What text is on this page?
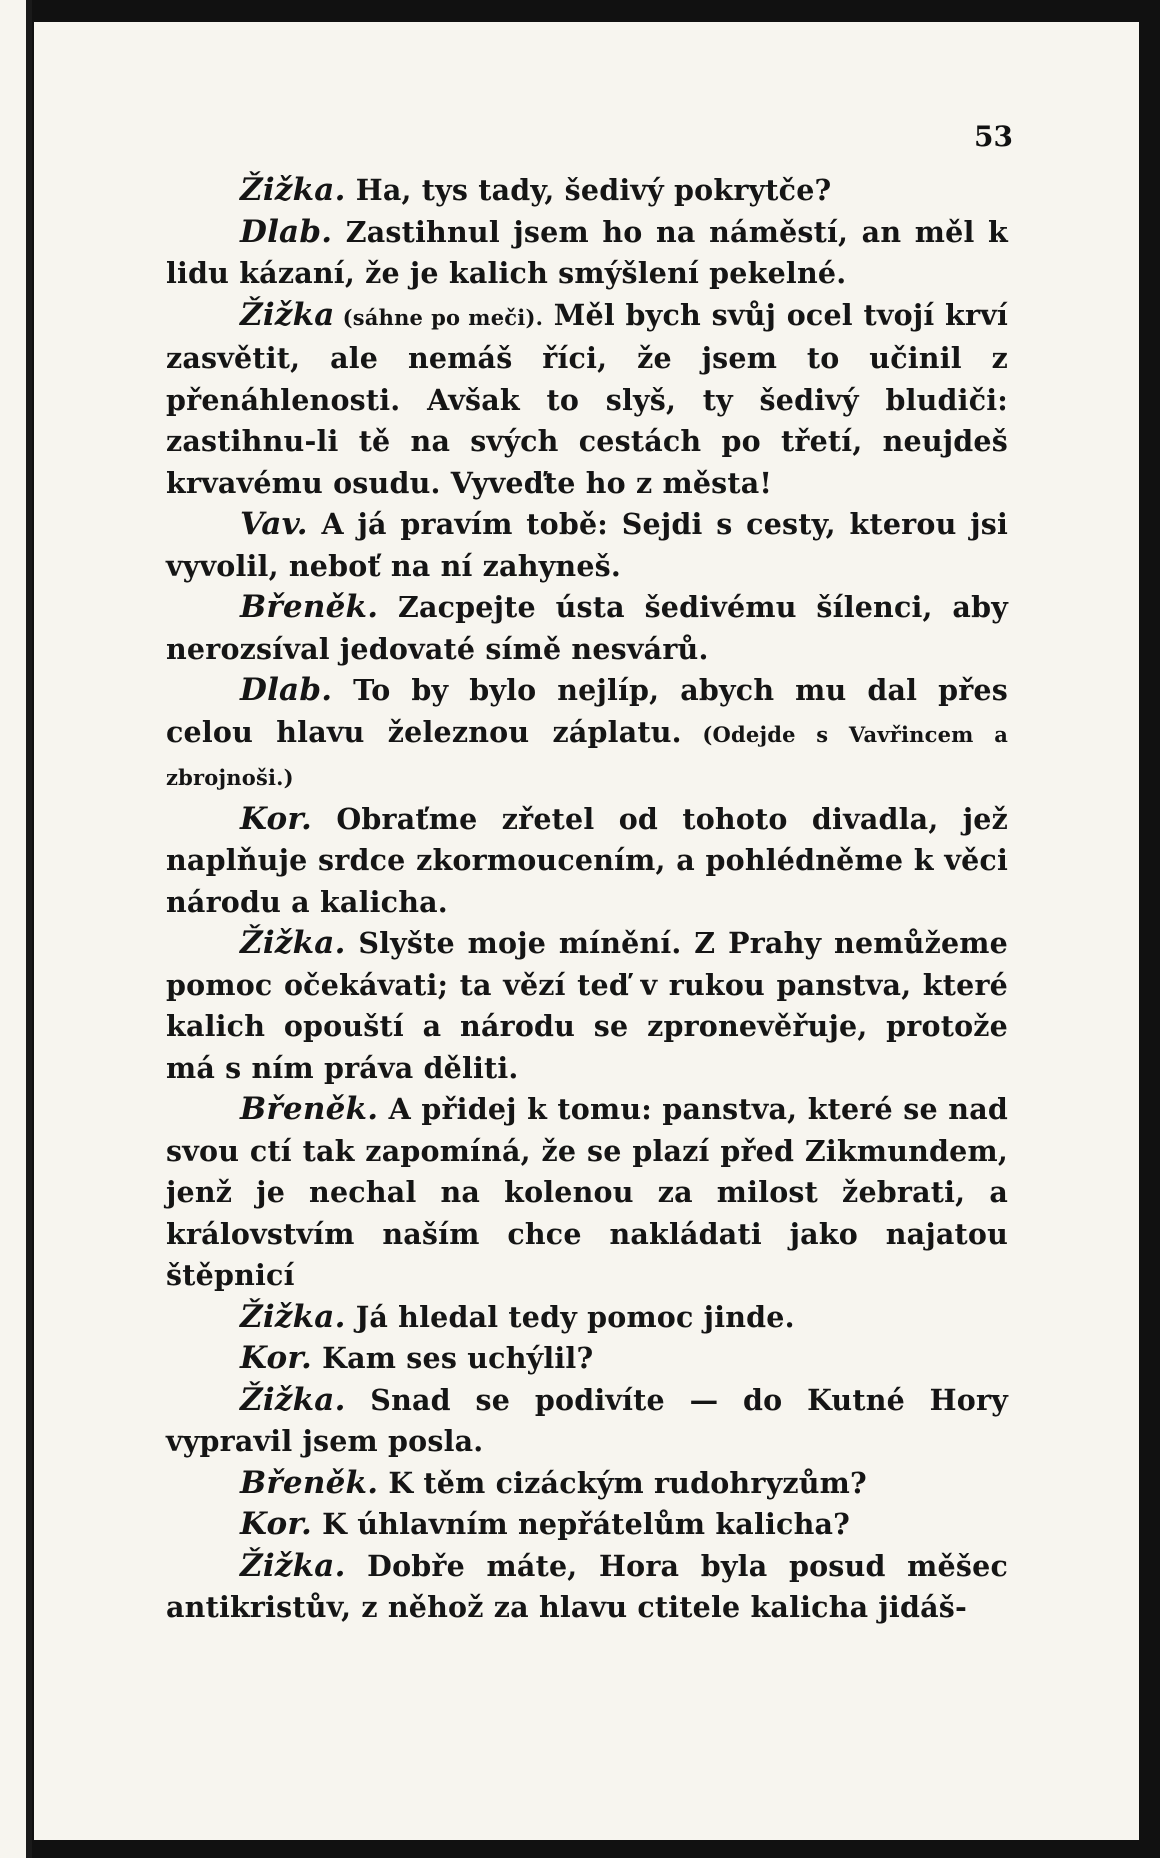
53

Žižka. Ha, tys tady, šedivý pokrytče?

Dlab. Zastihnul jsem ho na náměstí, an měl k lidu kázaní, že je kalich smýšlení pekelné.

Žižka (sáhne po meči). Měl bych svůj ocel tvojí krví zasvětit, ale nemáš říci, že jsem to učinil z přenáhlenosti. Avšak to slyš, ty šedivý bludiči: zastihnu-li tě na svých cestách po třetí, neujdeš krvavému osudu. Vyveďte ho z města!

Vav. A já pravím tobě: Sejdi s cesty, kterou jsi vyvolil, neboť na ní zahyneš.

Břeněk. Zacpejte ústa šedivému šílenci, aby nerozsíval jedovaté símě nesvárů.

Dlab. To by bylo nejlíp, abych mu dal přes celou hlavu železnou záplatu. (Odejde s Vavřincem a zbrojnoši.)

Kor. Obraťme zřetel od tohoto divadla, jež naplňuje srdce zkormoucením, a pohlédněme k věci národu a kalicha.

Žižka. Slyšte moje mínění. Z Prahy nemůžeme pomoc očekávati; ta vězí teď v rukou panstva, které kalich opouští a národu se zpronevěřuje, protože má s ním práva děliti.

Břeněk. A přidej k tomu: panstva, které se nad svou ctí tak zapomíná, že se plazí před Zikmundem, jenž je nechal na kolenou za milost žebrati, a královstvím naším chce nakládati jako najatou štěpnicí

Žižka. Já hledal tedy pomoc jinde.

Kor. Kam ses uchýlil?

Žižka. Snad se podivíte — do Kutné Hory vypravil jsem posla.

Břeněk. K těm cizáckým rudohryzům?

Kor. K úhlavním nepřátelům kalicha?

Žižka. Dobře máte, Hora byla posud měšec antikristův, z něhož za hlavu ctitele kalicha jidáš-
